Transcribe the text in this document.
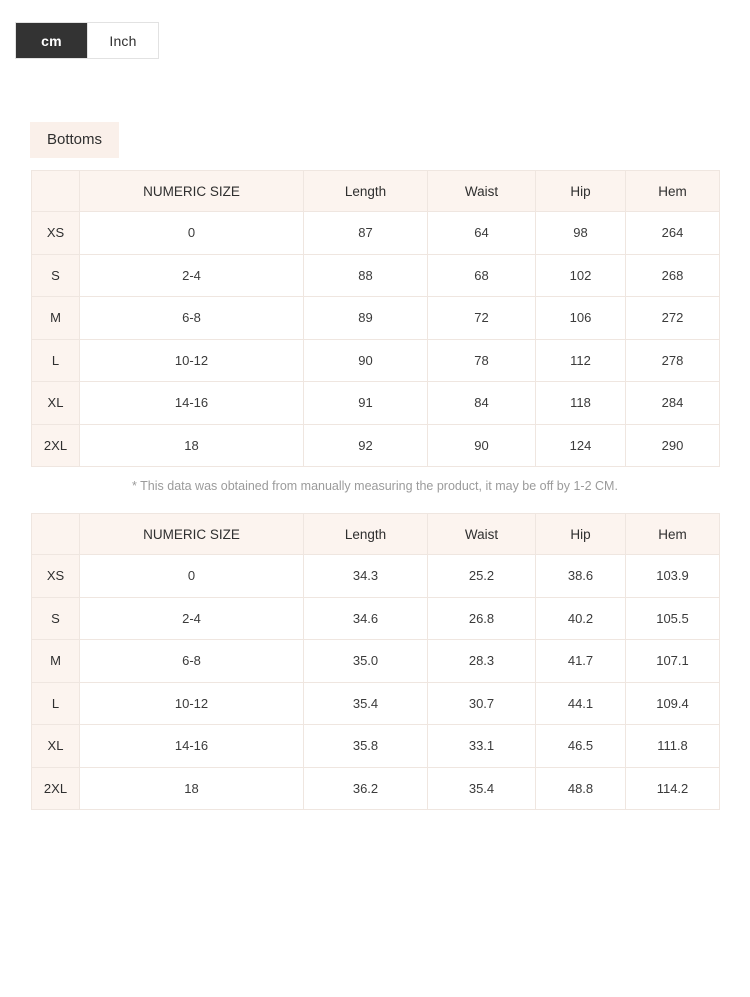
cm	Inch
Bottoms
	NUMERIC SIZE	Length	Waist	Hip	Hem
XS	0	87	64	98	264
S	2-4	88	68	102	268
M	6-8	89	72	106	272
L	10-12	90	78	112	278
XL	14-16	91	84	118	284
2XL	18	92	90	124	290
* This data was obtained from manually measuring the product, it may be off by 1-2 CM.
	NUMERIC SIZE	Length	Waist	Hip	Hem
XS	0	34.3	25.2	38.6	103.9
S	2-4	34.6	26.8	40.2	105.5
M	6-8	35.0	28.3	41.7	107.1
L	10-12	35.4	30.7	44.1	109.4
XL	14-16	35.8	33.1	46.5	111.8
2XL	18	36.2	35.4	48.8	114.2
